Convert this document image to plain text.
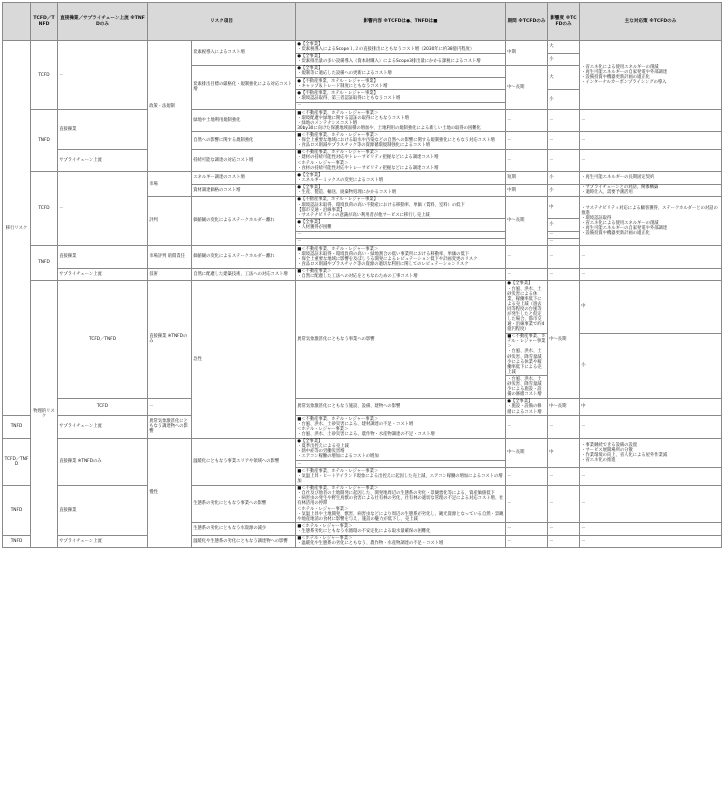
	TCFD／TNFD	直接操業／サプライチェーン上流 ※TNFDのみ	リスク項目		影響内容 ※TCFDは●、TNFDは■	期間 ※TCFDのみ	影響度 ※TCFDのみ	主な対応策 ※TCFDのみ	
移行リスク	TCFD	－	政策・法規制	炭素税導入によるコスト増	●【全事業】
・炭素税導入によるScope１,２の直接排出にともなうコスト増（2030年に約38億円程度）	中期	大	・省エネ化による使用エネルギーの削減
・再生可能エネルギーの自家発電や外部調達
・設備投資や機器更新計画の適正化
・インターナルカーボンプライシングの導入	
					●【全事業】
・炭素排出量の多い設備導入（資本財購入）によるScope3排出量にかかる課税によるコスト増		小		
				炭素排出目標の厳格化・規制強化による対応コスト増	●【全事業】
・規制等に適応した設備への更新によるコスト増	中～長期	大		
					●【不動産事業、ホテル・レジャー事業】
・キャップ＆トレード制度にともなうコスト増				
					●【不動産事業、ホテル・レジャー事業】
・環境認証取得、第三者認証取得にともなうコスト増		小		
					－				
	TNFD	直接操業		緑地や土地利用規制強化	■＜不動産事業、ホテル・レジャー事業＞
・環境配慮や緑地に関する認証の取得にともなうコスト増
・緑地のメンテナンスコスト増
30by30に向けた保護地域面積の増加や、土地利用の規制強化による新しい土地の取得の困難化	－	－	－	
				自然への影響に関する規制強化	■＜不動産事業、ホテル・レジャー事業＞
・保全上重要な地域における取水や汚染などの自然への影響に関する規制強化にともなう対応コスト増
・食品ロス削減やプラスチック等の資源循環規制強化によるコスト増	－	－	－	
		サプライチェーン上流		持続可能な調達の対応コスト増	■＜不動産事業、ホテル・レジャー事業＞
・建材の持続可能性対応やトレーサビリティ把握などによる調達コスト増
＜ホテル・レジャー事業＞
・食材の持続可能性対応やトレーサビリティ把握などによる調達コスト増	－	－	－	
	TCFD	－	市場	エネルギー調達のコスト増	●【全事業】
・エネルギーミックスの変更によるコスト増	短期	小	・再生可能エネルギーの長期固定契約	
				資材調達価格のコスト増	●【全事業】
・生産、製造、輸送、廃棄物処理にかかるコスト増	中期	小	・サプライチェーンとの対話、関係構築
・適時仕入、需要予測活用	
			評判	価値観の変化によるステークホルダー離れ	●【不動産事業、ホテル・レジャー事業】
・環境認証未取得、環境負荷の高い不動産における移動率、単価（賃料、室料）の低下
【都市交通・沿線事業】
・サステナビリティの意識が高い利用者が他サービスに移行し売上減	中～長期	中	・サステナビリティ対応による顧客獲得、ステークホルダーとの対話の推進
・環境認証取得
・省エネ化による使用エネルギーの削減
・再生可能エネルギーの自家発電や外部調達
・設備投資や機器更新計画の適正化	
					●【全事業】
・人材獲得が困難		小		
					－		－		
					－		－		
	TNFD	直接操業	市場評判 賠償責任	価値観の変化によるステークホルダー離れ	■＜不動産事業、ホテル・レジャー事業＞
・環境認証未取得・環境負荷の高い・緑地割合の低い事業所における移動率、単価の低下
・保全上重要な地域に影響を及ぼしうる開発によるレピュテーション低下や計画変更のリスク
・食品ロス削減やプラスチック等の資源の適切な利用に関してのレピュテーションリスク	－	－	－	
		サプライチェーン上流	技術	自然に配慮した建築技術、工法への対応コスト増	■＜不動産事業＞
・自然に配慮した工法への対応をともなわための工事コスト増	－	－	－	
	物理的リスク	TCFD／TNFD	直接操業 ※TNFDのみ	急性	異常気象激甚化にともなう事業への影響	●【全事業】
・台風、洪水、土砂災害による休業、稼働率低下による売上減（過去同等程度の台風等が発生したと仮定した場合、都市交通・沿線事業で約4億円程度）	中～長期	中	
						■＜不動産事業、ホテル・レジャー事業＞
・台風、洪水、土砂災害、降雪量減少による休業や稼働率低下による売上減		小	
						・台風、洪水、土砂災害、降雪量減少による施設・設備の修繕コスト増			
		TCFD	－		異常気象激甚化にともなう施設、設備、建物への影響	●【全事業】
・施設・設備の修繕によるコスト増	中～長期	中	
TNFD		サプライチェーン上流	異常気象激甚化にともなう調達物への影響		■＜不動産事業、ホテル・レジャー事業＞
・台風、洪水、土砂災害による、建材調達の不足・コスト増
＜ホテル・レジャー事業＞
・台風、洪水、土砂災害による、農作物・水産物調達の不足・コスト増	－	－	－	
TCFD／TNFD		直接操業 ※TNFDのみ	慢性	温暖化にともなう事業エリアや領域への影響	●【全事業】
・夏季出控えによる売上減
・熱中症等の労働災害増
・エアコン稼働の増加によるコストの増加	中～長期	中	・事業継続できる設備の設置
・サービス展開場所の分散
・作業環境の向上、省人化による屋外作業減
・省エネ化の推進	
					－				
					■＜不動産事業、ホテル・レジャー事業＞
・気温上昇・ヒートアイランド現象による出控えに起因した売上減、エアコン稼働の増加によるコストの増加	－	－	－	
TNFD		直接操業		生態系の劣化にともなう事業への影響	■＜不動産事業、ホテル・レジャー事業＞
・自社及び他者の土地開発に起因した、開発地周辺の生態系の劣化・景観悪化等による、資産価値低下
・病害虫の発生や野生鳥獣の食害による社有林の劣化、社有林の適切な管理の不足による対応コスト増、社有林活用の停滞
＜ホテル・レジャー事業＞
・気温上昇や土地開発、獣害、病害虫などにより周辺の生態系が劣化し、観光資源となっている自然・景観や地産地消の食材に影響を与え、施設の魅力が低下し、売上減	－	－	－	

				生態系の劣化にともなう水資源の減少	■＜ホテル・レジャー事業＞
・生態系劣化にともなう水循環の不安定化による取水量確保の困難化	－	－	－	
TNFD		サプライチェーン上流		温暖化や生態系の劣化にともなう調達物への影響	■＜ホテル・レジャー事業＞
・温暖化や生態系の劣化にともなう、農作物・水産物調達の不足・コスト増	－	－	－	
